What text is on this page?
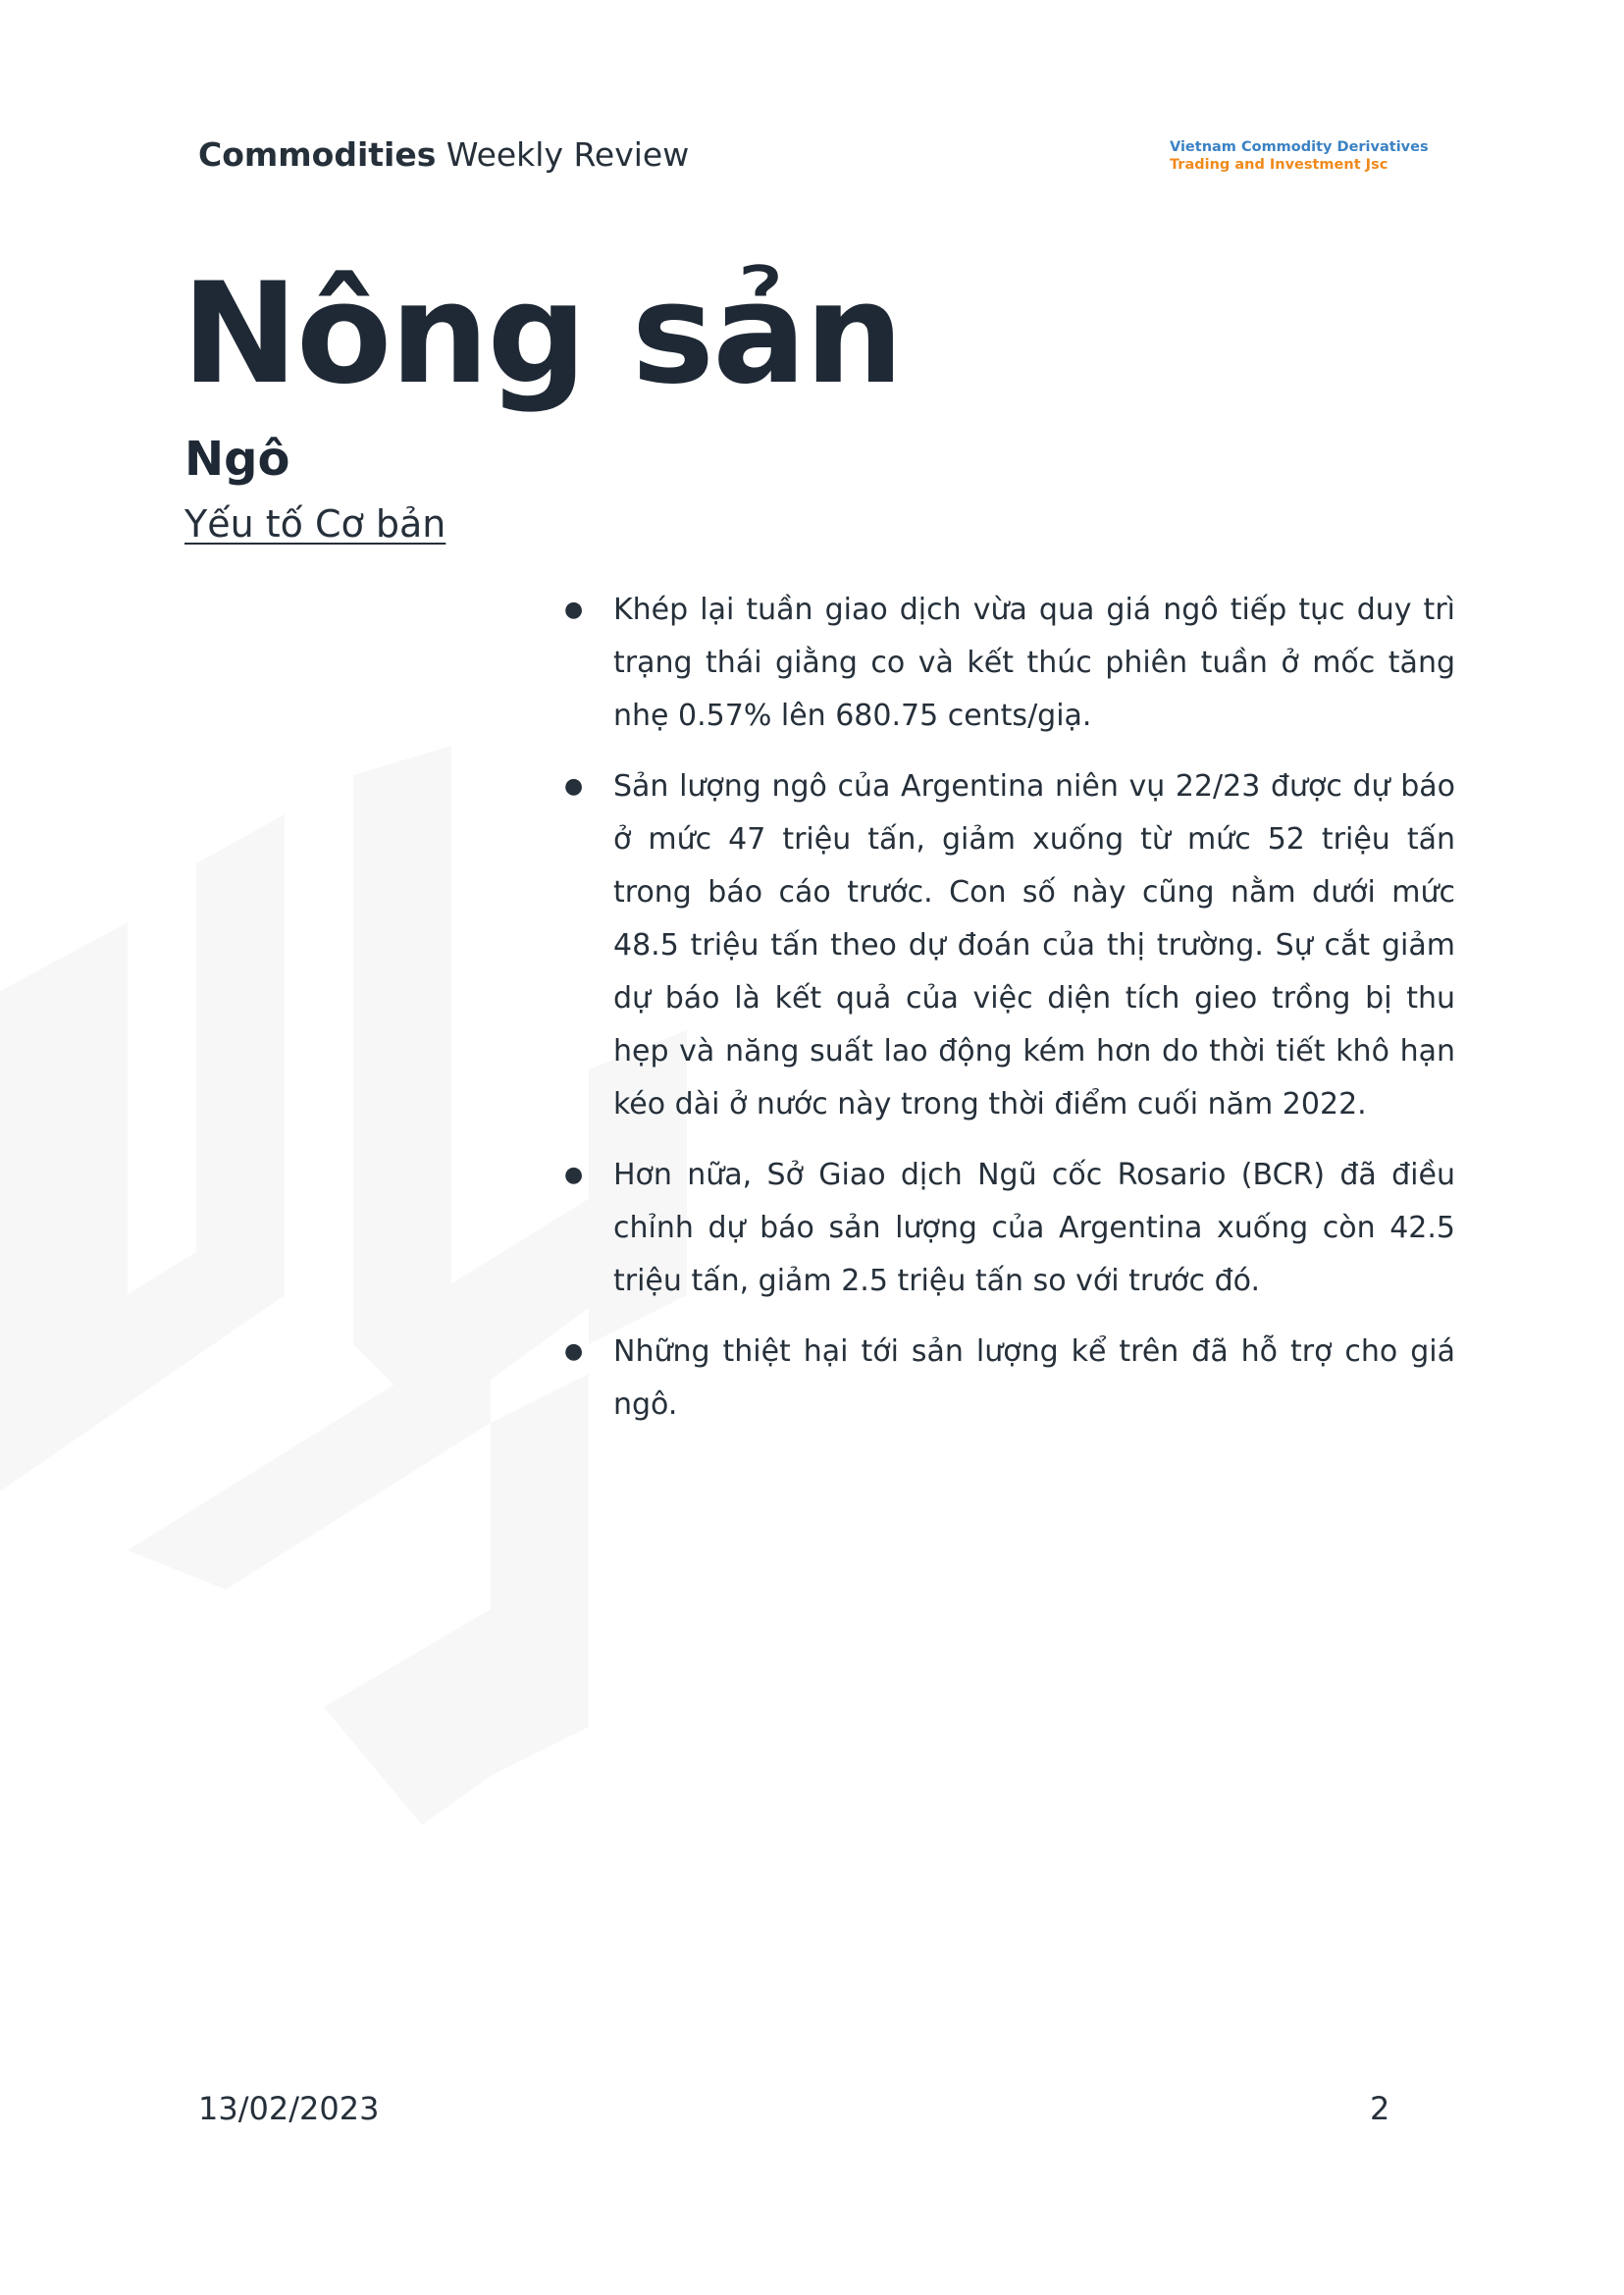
Commodities Weekly Review	Vietnam Commodity Derivatives
Trading and Investment Jsc
Nông sản
Ngô
Yếu tố Cơ bản
● Khép lại tuần giao dịch vừa qua giá ngô tiếp tục duy trì trạng thái giằng co và kết thúc phiên tuần ở mốc tăng nhẹ 0.57% lên 680.75 cents/giạ.
● Sản lượng ngô của Argentina niên vụ 22/23 được dự báo ở mức 47 triệu tấn, giảm xuống từ mức 52 triệu tấn trong báo cáo trước. Con số này cũng nằm dưới mức 48.5 triệu tấn theo dự đoán của thị trường. Sự cắt giảm dự báo là kết quả của việc diện tích gieo trồng bị thu hẹp và năng suất lao động kém hơn do thời tiết khô hạn kéo dài ở nước này trong thời điểm cuối năm 2022.
● Hơn nữa, Sở Giao dịch Ngũ cốc Rosario (BCR) đã điều chỉnh dự báo sản lượng của Argentina xuống còn 42.5 triệu tấn, giảm 2.5 triệu tấn so với trước đó.
● Những thiệt hại tới sản lượng kể trên đã hỗ trợ cho giá ngô.
13/02/2023	2
